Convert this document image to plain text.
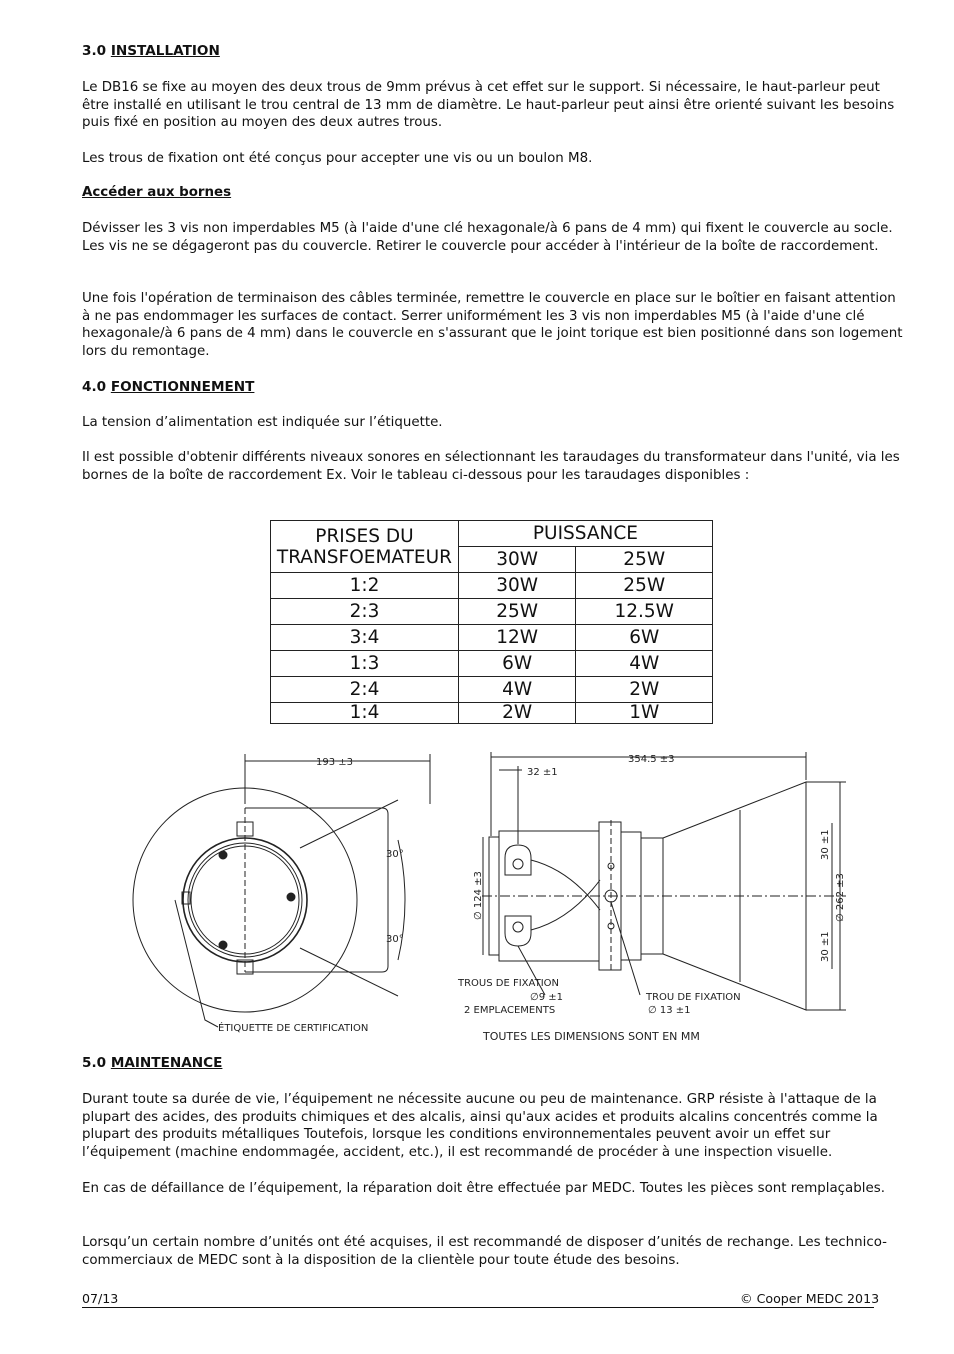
3.0 INSTALLATION

Le DB16 se fixe au moyen des deux trous de 9mm prévus à cet effet sur le support. Si nécessaire, le haut-parleur peut être installé en utilisant le trou central de 13 mm de diamètre. Le haut-parleur peut ainsi être orienté suivant les besoins puis fixé en position au moyen des deux autres trous.

Les trous de fixation ont été conçus pour accepter une vis ou un boulon M8.

Accéder aux bornes

Dévisser les 3 vis non imperdables M5 (à l'aide d'une clé hexagonale/à 6 pans de 4 mm) qui fixent le couvercle au socle. Les vis ne se dégageront pas du couvercle. Retirer le couvercle pour accéder à l'intérieur de la boîte de raccordement.

Une fois l'opération de terminaison des câbles terminée, remettre le couvercle en place sur le boîtier en faisant attention à ne pas endommager les surfaces de contact. Serrer uniformément les 3 vis non imperdables M5 (à l'aide d'une clé hexagonale/à 6 pans de 4 mm) dans le couvercle en s'assurant que le joint torique est bien positionné dans son logement lors du remontage.

4.0 FONCTIONNEMENT

La tension d’alimentation est indiquée sur l’étiquette.

Il est possible d'obtenir différents niveaux sonores en sélectionnant les taraudages du transformateur dans l'unité, via les bornes de la boîte de raccordement Ex. Voir le tableau ci-dessous pour les taraudages disponibles :

PRISES DU
TRANSFOEMATEUR	PUISSANCE	
	30W	25W
1:2	30W	25W
2:3	25W	12.5W
3:4	12W	6W
1:3	6W	4W
2:4	4W	2W
1:4	2W	1W
193 ±3
30°
30°
ÉTIQUETTE DE CERTIFICATION
354.5 ±3
32 ±1
∅ 124 ±3
30 ±1
∅ 262 ±3
30 ±1
TROUS DE FIXATION
∅9 ±1
2 EMPLACEMENTS
TROU DE FIXATION
∅ 13 ±1
TOUTES LES DIMENSIONS SONT EN MM
5.0 MAINTENANCE

Durant toute sa durée de vie, l’équipement ne nécessite aucune ou peu de maintenance. GRP résiste à l'attaque de la plupart des acides, des produits chimiques et des alcalis, ainsi qu'aux acides et produits alcalins concentrés comme la plupart des produits métalliques Toutefois, lorsque les conditions environnementales peuvent avoir un effet sur l’équipement (machine endommagée, accident, etc.), il est recommandé de procéder à une inspection visuelle.

En cas de défaillance de l’équipement, la réparation doit être effectuée par MEDC. Toutes les pièces sont remplaçables.

Lorsqu’un certain nombre d’unités ont été acquises, il est recommandé de disposer d’unités de rechange. Les technico-commerciaux de MEDC sont à la disposition de la clientèle pour toute étude des besoins.

07/13	© Cooper MEDC 2013
